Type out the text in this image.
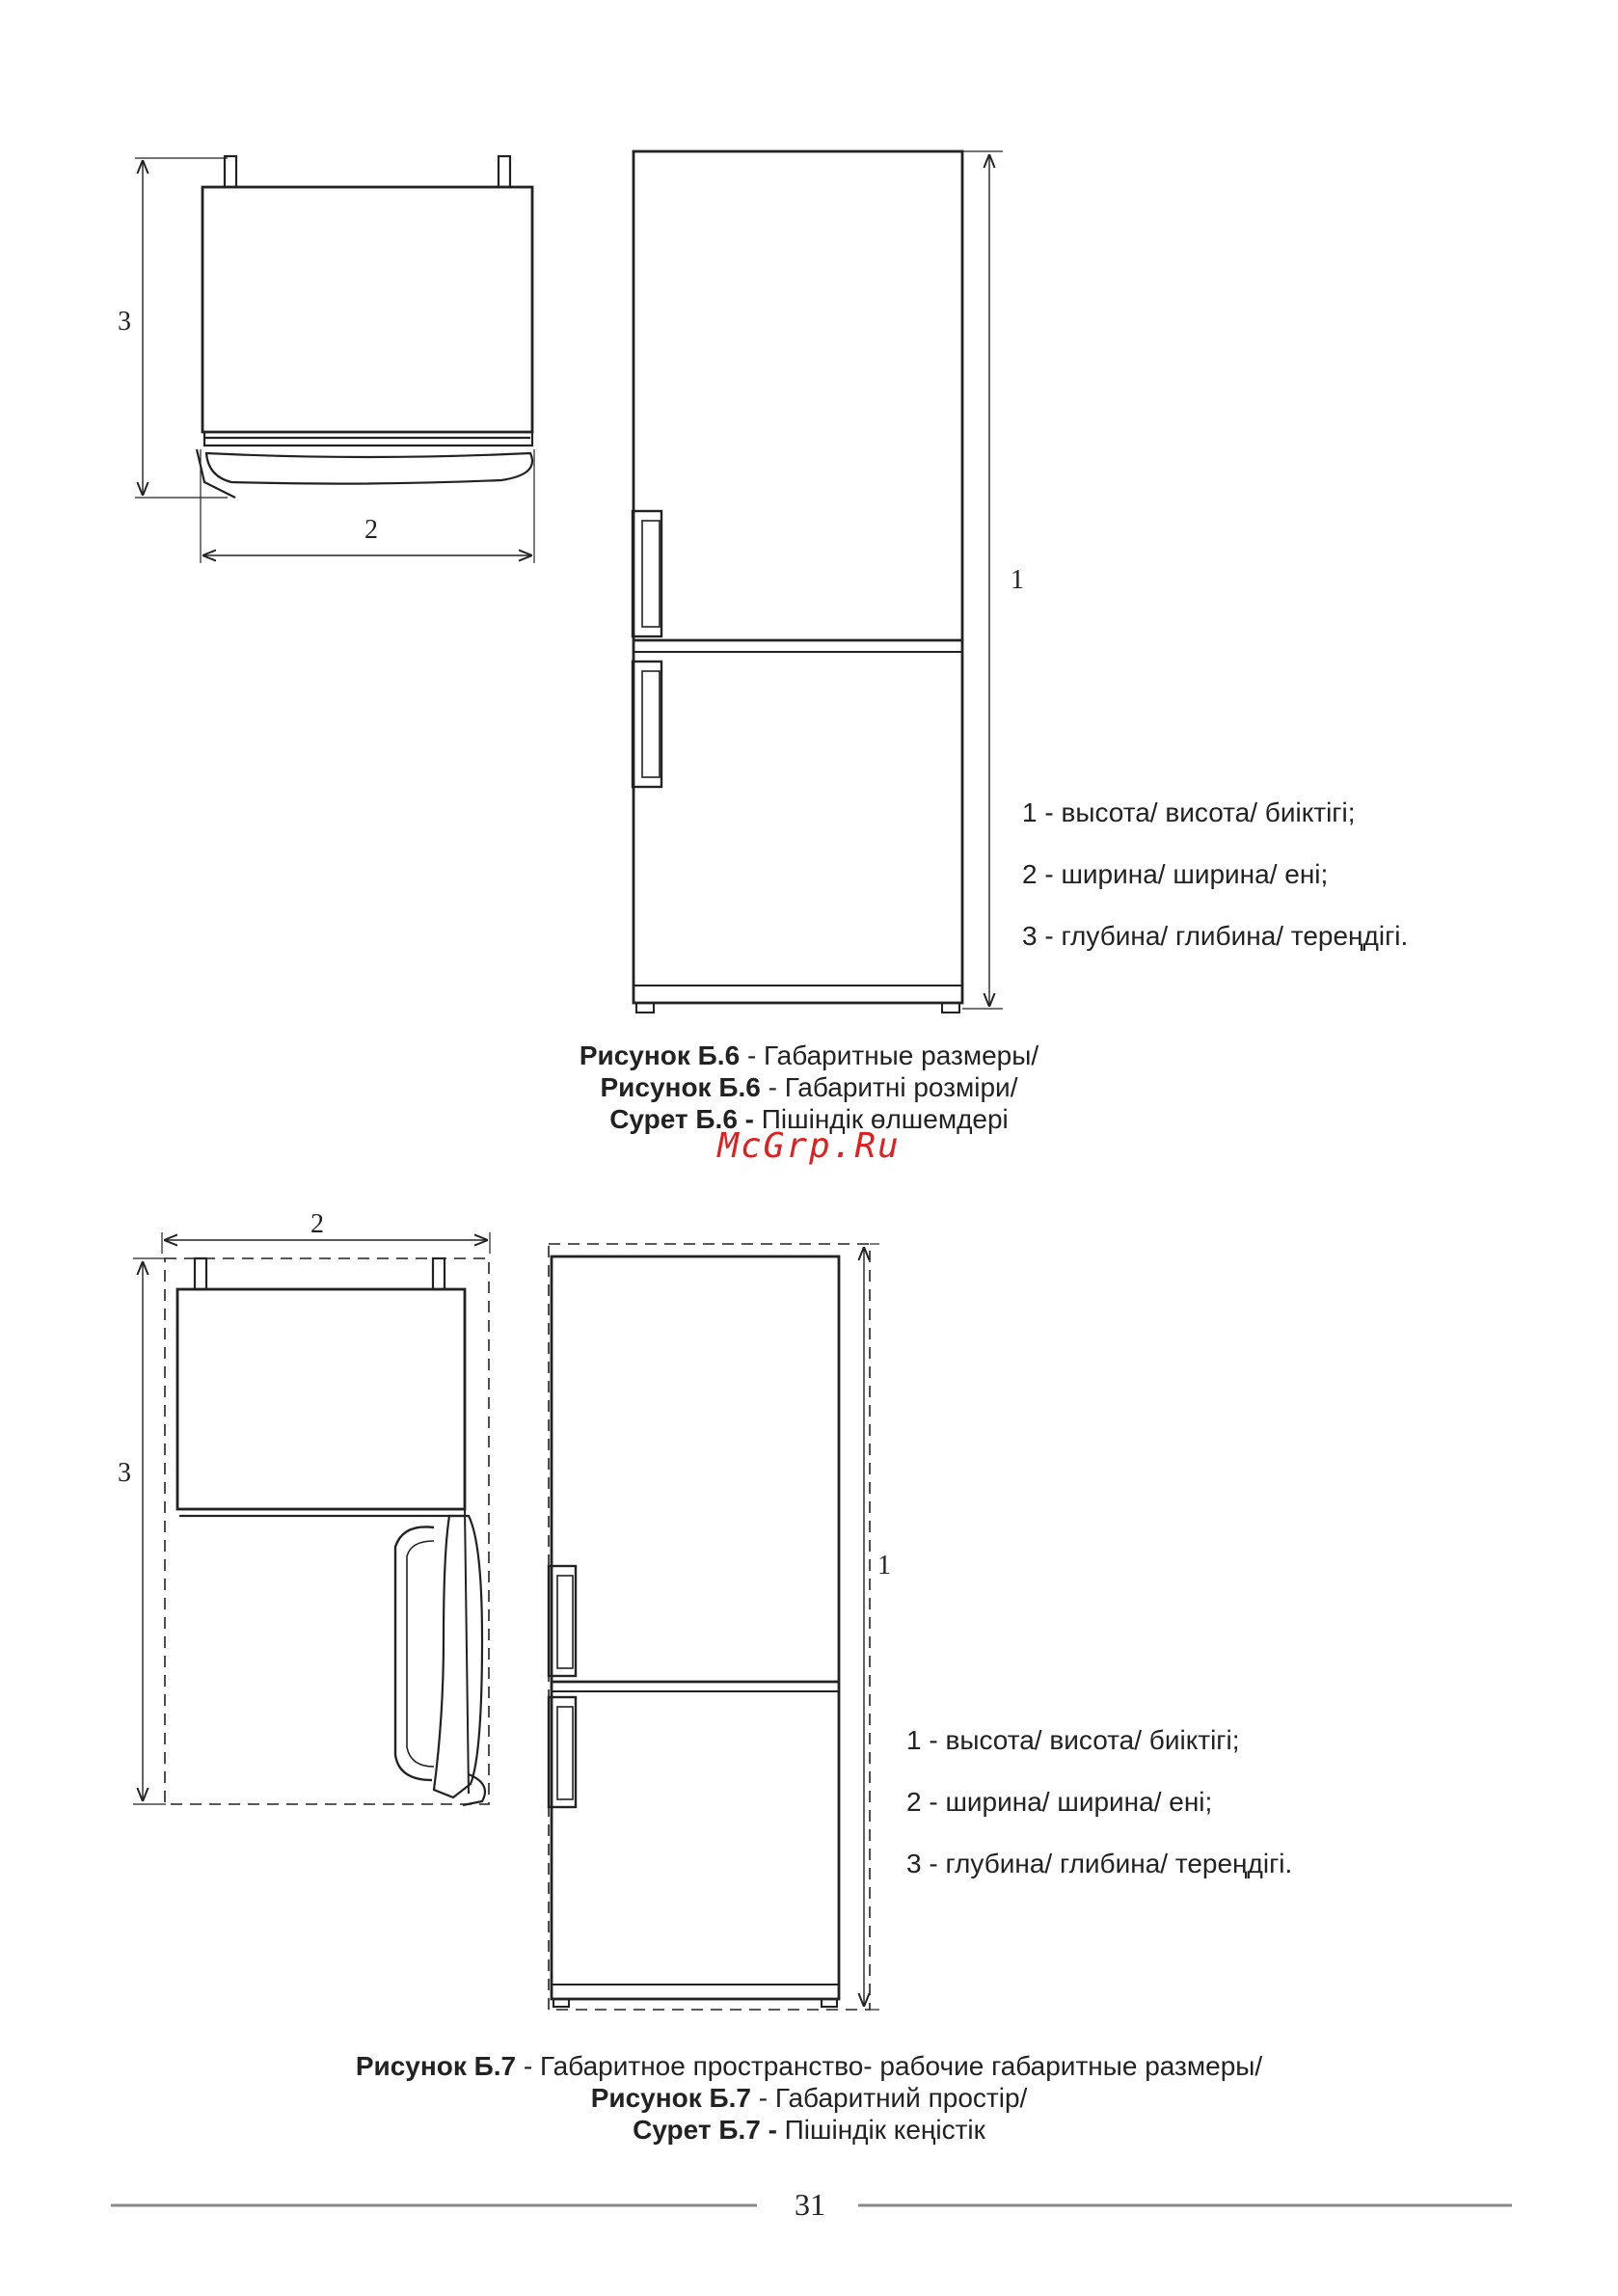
3
2
1
2
3
1
1 - высота/ висота/ биіктігі;
2 - ширина/ ширина/ ені;
3 - глубина/ глибина/ тереңдігі.
Рисунок Б.6 - Габаритные размеры/
Рисунок Б.6 - Габаритні розміри/
Сурет Б.6 - Пішіндік өлшемдері
McGrp.Ru
1 - высота/ висота/ биіктігі;
2 - ширина/ ширина/ ені;
3 - глубина/ глибина/ тереңдігі.
Рисунок Б.7 - Габаритное пространство- рабочие габаритные размеры/
Рисунок Б.7 - Габаритний простір/
Сурет Б.7 - Пішіндік кеңістік
31
